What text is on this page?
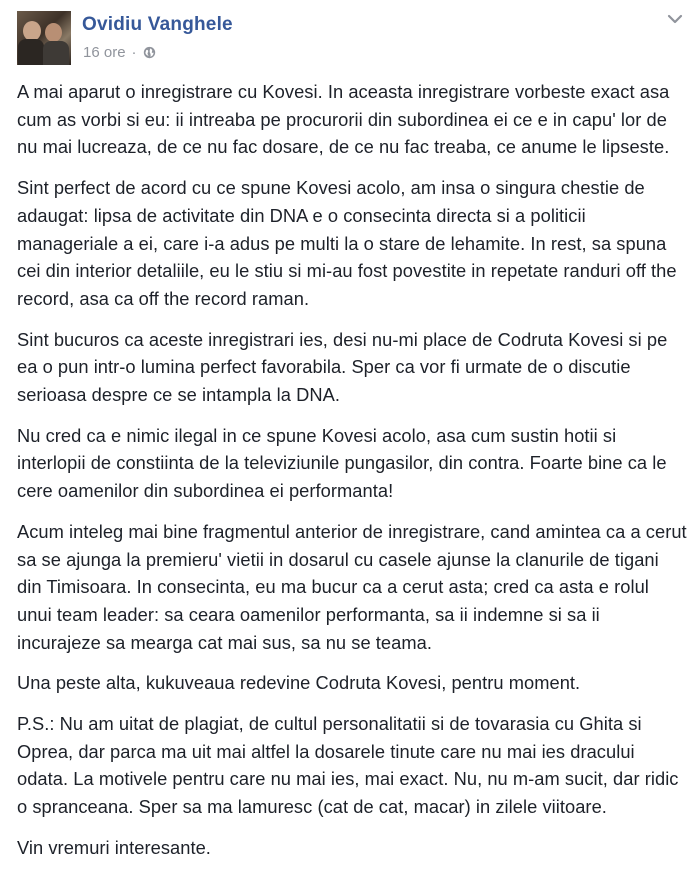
Ovidiu Vanghele
16 ore ·

A mai aparut o inregistrare cu Kovesi. In aceasta inregistrare vorbeste exact asa cum as vorbi si eu: ii intreaba pe procurorii din subordinea ei ce e in capu' lor de nu mai lucreaza, de ce nu fac dosare, de ce nu fac treaba, ce anume le lipseste.

Sint perfect de acord cu ce spune Kovesi acolo, am insa o singura chestie de adaugat: lipsa de activitate din DNA e o consecinta directa si a politicii manageriale a ei, care i-a adus pe multi la o stare de lehamite. In rest, sa spuna cei din interior detaliile, eu le stiu si mi-au fost povestite in repetate randuri off the record, asa ca off the record raman.

Sint bucuros ca aceste inregistrari ies, desi nu-mi place de Codruta Kovesi si pe ea o pun intr-o lumina perfect favorabila. Sper ca vor fi urmate de o discutie serioasa despre ce se intampla la DNA.

Nu cred ca e nimic ilegal in ce spune Kovesi acolo, asa cum sustin hotii si interlopii de constiinta de la televiziunile pungasilor, din contra. Foarte bine ca le cere oamenilor din subordinea ei performanta!

Acum inteleg mai bine fragmentul anterior de inregistrare, cand amintea ca a cerut sa se ajunga la premieru' vietii in dosarul cu casele ajunse la clanurile de tigani din Timisoara. In consecinta, eu ma bucur ca a cerut asta; cred ca asta e rolul unui team leader: sa ceara oamenilor performanta, sa ii indemne si sa ii incurajeze sa mearga cat mai sus, sa nu se teama.

Una peste alta, kukuveaua redevine Codruta Kovesi, pentru moment.

P.S.: Nu am uitat de plagiat, de cultul personalitatii si de tovarasia cu Ghita si Oprea, dar parca ma uit mai altfel la dosarele tinute care nu mai ies dracului odata. La motivele pentru care nu mai ies, mai exact. Nu, nu m-am sucit, dar ridic o spranceana. Sper sa ma lamuresc (cat de cat, macar) in zilele viitoare.

Vin vremuri interesante.
